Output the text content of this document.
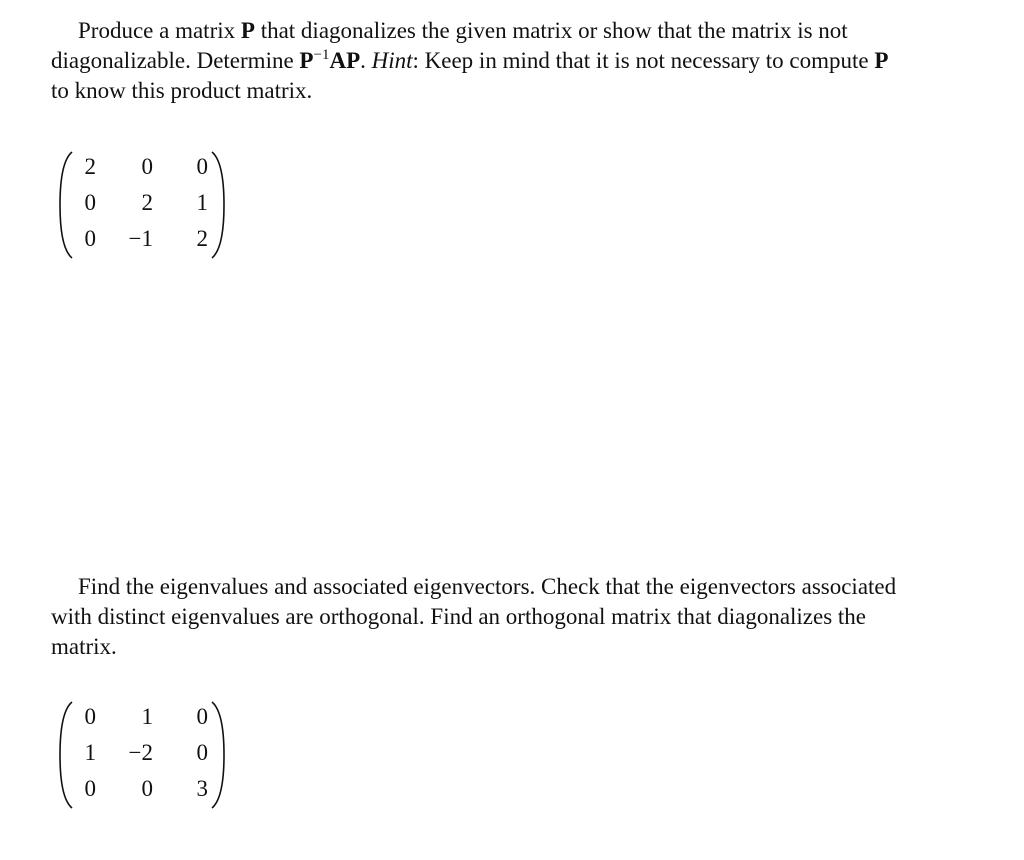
Produce a matrix P that diagonalizes the given matrix or show that the matrix is not
diagonalizable. Determine $P^{-1}AP$. Hint: Keep in mind that it is not necessary to compute P
to know this product matrix.
2	0	0
0	2	1
0	−1	2
Find the eigenvalues and associated eigenvectors. Check that the eigenvectors associated
with distinct eigenvalues are orthogonal. Find an orthogonal matrix that diagonalizes the
matrix.
0	1	0
1	−2	0
0	0	3
